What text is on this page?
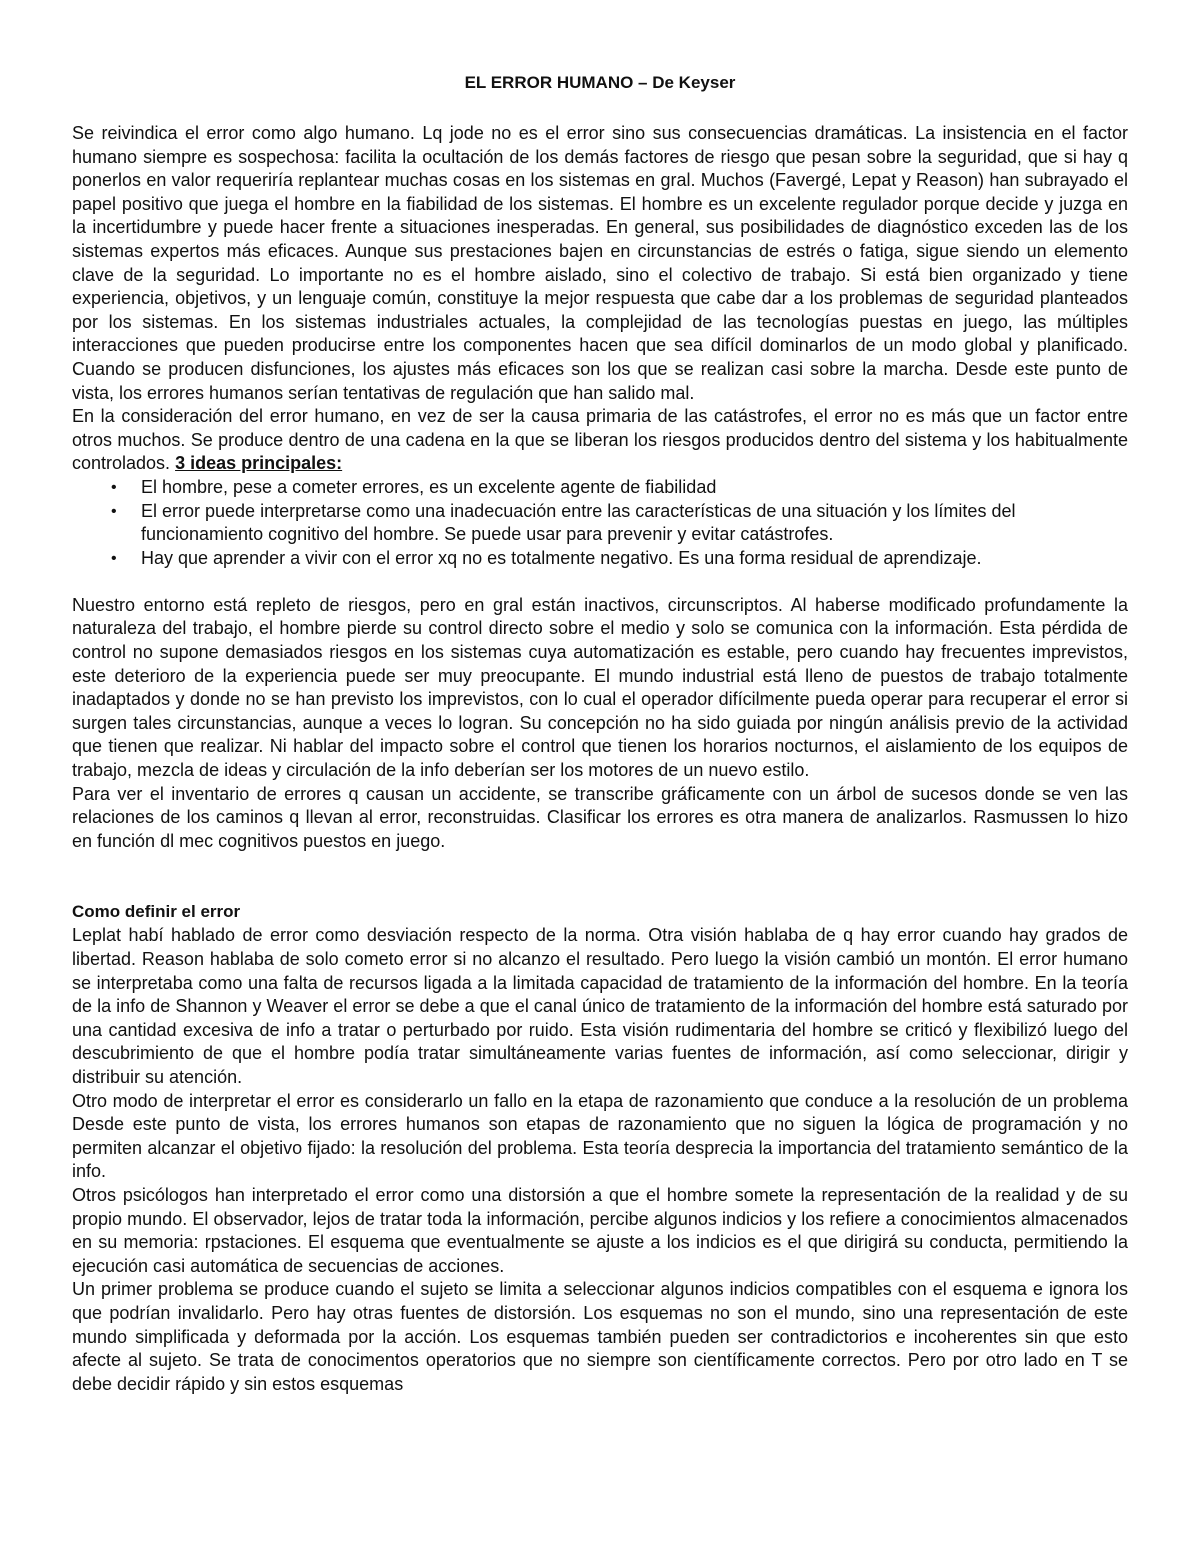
EL ERROR HUMANO – De Keyser

Se reivindica el error como algo humano. Lq jode no es el error sino sus consecuencias dramáticas. La insistencia en el factor humano siempre es sospechosa: facilita la ocultación de los demás factores de riesgo que pesan sobre la seguridad, que si hay q ponerlos en valor requeriría replantear muchas cosas en los sistemas en gral. Muchos (Favergé, Lepat y Reason) han subrayado el papel positivo que juega el hombre en la fiabilidad de los sistemas. El hombre es un excelente regulador porque decide y juzga en la incertidumbre y puede hacer frente a situaciones inesperadas. En general, sus posibilidades de diagnóstico exceden las de los sistemas expertos más eficaces. Aunque sus prestaciones bajen en circunstancias de estrés o fatiga, sigue siendo un elemento clave de la seguridad. Lo importante no es el hombre aislado, sino el colectivo de trabajo. Si está bien organizado y tiene experiencia, objetivos, y un lenguaje común, constituye la mejor respuesta que cabe dar a los problemas de seguridad planteados por los sistemas. En los sistemas industriales actuales, la complejidad de las tecnologías puestas en juego, las múltiples interacciones que pueden producirse entre los componentes hacen que sea difícil dominarlos de un modo global y planificado. Cuando se producen disfunciones, los ajustes más eficaces son los que se realizan casi sobre la marcha. Desde este punto de vista, los errores humanos serían tentativas de regulación que han salido mal.

En la consideración del error humano, en vez de ser la causa primaria de las catástrofes, el error no es más que un factor entre otros muchos. Se produce dentro de una cadena en la que se liberan los riesgos producidos dentro del sistema y los habitualmente controlados. 3 ideas principales:

• El hombre, pese a cometer errores, es un excelente agente de fiabilidad
• El error puede interpretarse como una inadecuación entre las características de una situación y los límites del funcionamiento cognitivo del hombre. Se puede usar para prevenir y evitar catástrofes.
• Hay que aprender a vivir con el error xq no es totalmente negativo. Es una forma residual de aprendizaje.

Nuestro entorno está repleto de riesgos, pero en gral están inactivos, circunscriptos. Al haberse modificado profundamente la naturaleza del trabajo, el hombre pierde su control directo sobre el medio y solo se comunica con la información. Esta pérdida de control no supone demasiados riesgos en los sistemas cuya automatización es estable, pero cuando hay frecuentes imprevistos, este deterioro de la experiencia puede ser muy preocupante. El mundo industrial está lleno de puestos de trabajo totalmente inadaptados y donde no se han previsto los imprevistos, con lo cual el operador difícilmente pueda operar para recuperar el error si surgen tales circunstancias, aunque a veces lo logran. Su concepción no ha sido guiada por ningún análisis previo de la actividad que tienen que realizar. Ni hablar del impacto sobre el control que tienen los horarios nocturnos, el aislamiento de los equipos de trabajo, mezcla de ideas y circulación de la info deberían ser los motores de un nuevo estilo.

Para ver el inventario de errores q causan un accidente, se transcribe gráficamente con un árbol de sucesos donde se ven las relaciones de los caminos q llevan al error, reconstruidas. Clasificar los errores es otra manera de analizarlos. Rasmussen lo hizo en función dl mec cognitivos puestos en juego.

Como definir el error

Leplat habí hablado de error como desviación respecto de la norma. Otra visión hablaba de q hay error cuando hay grados de libertad. Reason hablaba de solo cometo error si no alcanzo el resultado. Pero luego la visión cambió un montón. El error humano se interpretaba como una falta de recursos ligada a la limitada capacidad de tratamiento de la información del hombre. En la teoría de la info de Shannon y Weaver el error se debe a que el canal único de tratamiento de la información del hombre está saturado por una cantidad excesiva de info a tratar o perturbado por ruido. Esta visión rudimentaria del hombre se criticó y flexibilizó luego del descubrimiento de que el hombre podía tratar simultáneamente varias fuentes de información, así como seleccionar, dirigir y distribuir su atención.

Otro modo de interpretar el error es considerarlo un fallo en la etapa de razonamiento que conduce a la resolución de un problema Desde este punto de vista, los errores humanos son etapas de razonamiento que no siguen la lógica de programación y no permiten alcanzar el objetivo fijado: la resolución del problema. Esta teoría desprecia la importancia del tratamiento semántico de la info.

Otros psicólogos han interpretado el error como una distorsión a que el hombre somete la representación de la realidad y de su propio mundo. El observador, lejos de tratar toda la información, percibe algunos indicios y los refiere a conocimientos almacenados en su memoria: rpstaciones. El esquema que eventualmente se ajuste a los indicios es el que dirigirá su conducta, permitiendo la ejecución casi automática de secuencias de acciones.

Un primer problema se produce cuando el sujeto se limita a seleccionar algunos indicios compatibles con el esquema e ignora los que podrían invalidarlo. Pero hay otras fuentes de distorsión. Los esquemas no son el mundo, sino una representación de este mundo simplificada y deformada por la acción. Los esquemas también pueden ser contradictorios e incoherentes sin que esto afecte al sujeto. Se trata de conocimentos operatorios que no siempre son científicamente correctos. Pero por otro lado en T se debe decidir rápido y sin estos esquemas
